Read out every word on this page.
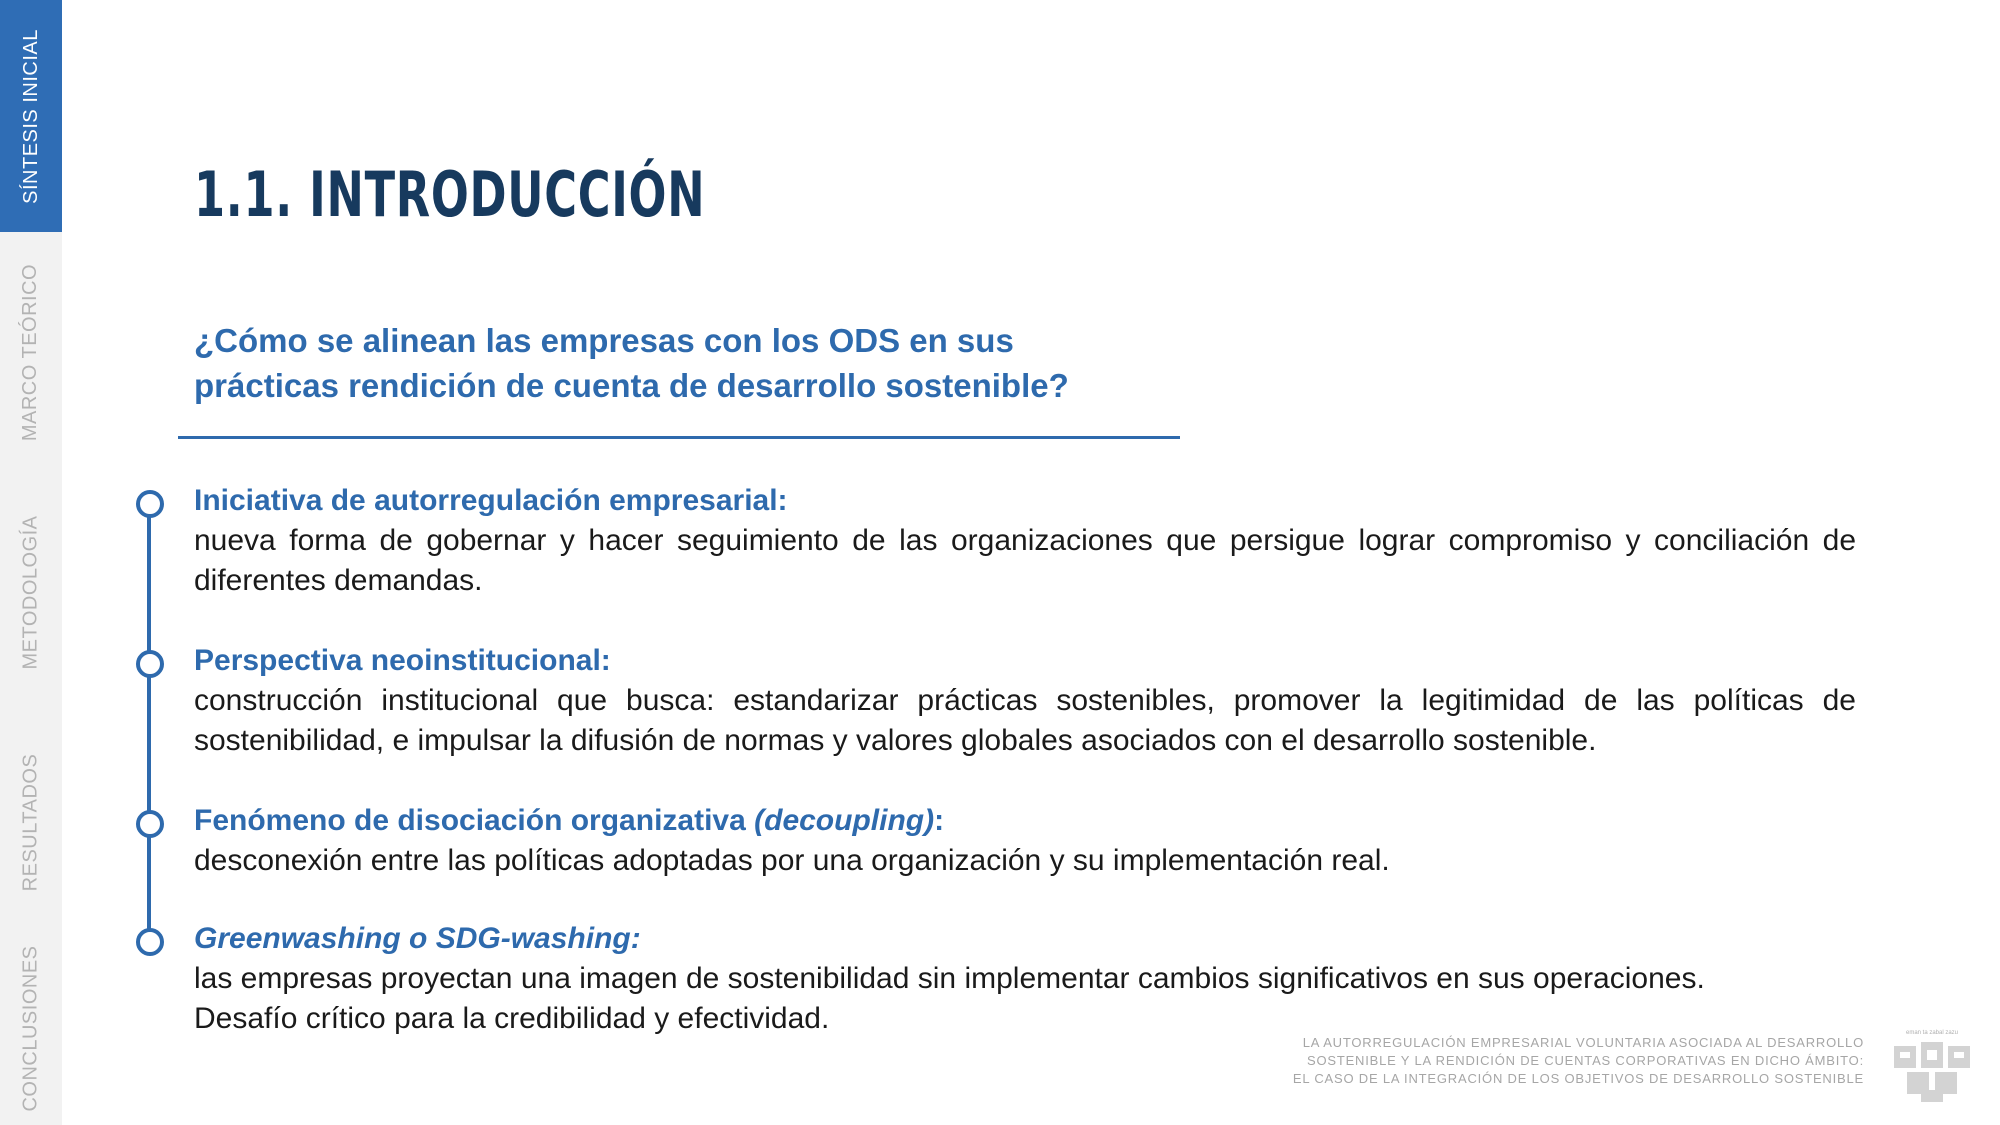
SÍNTESIS INICIAL
MARCO TEÓRICO
METODOLOGÍA
RESULTADOS
CONCLUSIONES
1.1. INTRODUCCIÓN
¿Cómo se alinean las empresas con los ODS en sus
prácticas rendición de cuenta de desarrollo sostenible?
Iniciativa de autorregulación empresarial:
nueva forma de gobernar y hacer seguimiento de las organizaciones que persigue lograr compromiso y conciliación de diferentes demandas.
Perspectiva neoinstitucional:
construcción institucional que busca: estandarizar prácticas sostenibles, promover la legitimidad de las políticas de sostenibilidad, e impulsar la difusión de normas y valores globales asociados con el desarrollo sostenible.
Fenómeno de disociación organizativa (decoupling):
desconexión entre las políticas adoptadas por una organización y su implementación real.
Greenwashing o SDG-washing:
las empresas proyectan una imagen de sostenibilidad sin implementar cambios significativos en sus operaciones.
Desafío crítico para la credibilidad y efectividad.
LA AUTORREGULACIÓN EMPRESARIAL VOLUNTARIA ASOCIADA AL DESARROLLO
SOSTENIBLE Y LA RENDICIÓN DE CUENTAS CORPORATIVAS EN DICHO ÁMBITO:
EL CASO DE LA INTEGRACIÓN DE LOS OBJETIVOS DE DESARROLLO SOSTENIBLE
eman ta zabal zazu
